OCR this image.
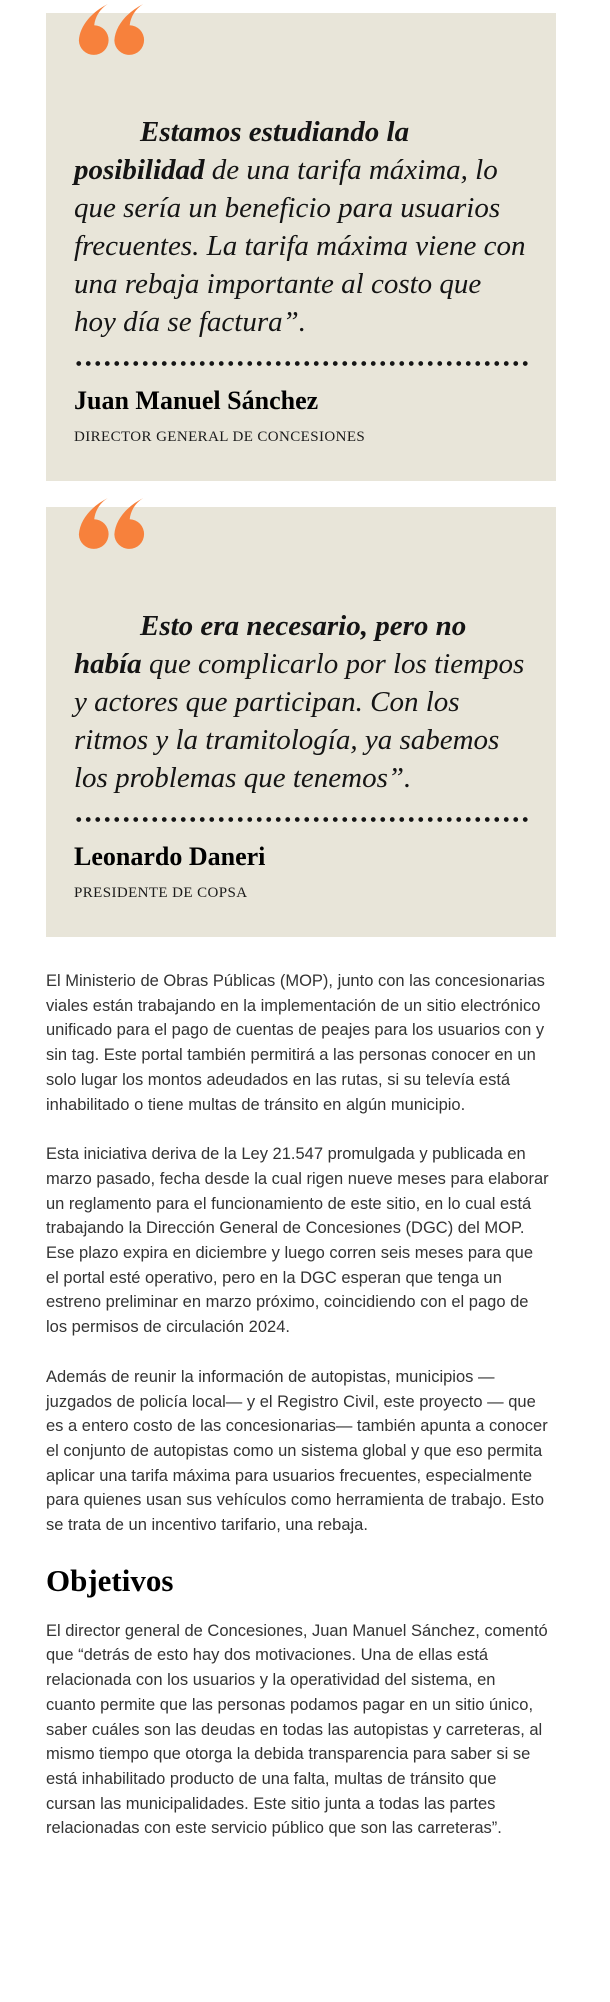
Estamos estudiando la posibilidad de una tarifa máxima, lo que sería un beneficio para usuarios frecuentes. La tarifa máxima viene con una rebaja importante al costo que hoy día se factura”.

Juan Manuel Sánchez
DIRECTOR GENERAL DE CONCESIONES

Esto era necesario, pero no había que complicarlo por los tiempos y actores que participan. Con los ritmos y la tramitología, ya sabemos los problemas que tenemos”.

Leonardo Daneri
PRESIDENTE DE COPSA

El Ministerio de Obras Públicas (MOP), junto con las concesionarias viales están trabajando en la implementación de un sitio electrónico unificado para el pago de cuentas de peajes para los usuarios con y sin tag. Este portal también permitirá a las personas conocer en un solo lugar los montos adeudados en las rutas, si su televía está inhabilitado o tiene multas de tránsito en algún municipio.

Esta iniciativa deriva de la Ley 21.547 promulgada y publicada en marzo pasado, fecha desde la cual rigen nueve meses para elaborar un reglamento para el funcionamiento de este sitio, en lo cual está trabajando la Dirección General de Concesiones (DGC) del MOP. Ese plazo expira en diciembre y luego corren seis meses para que el portal esté operativo, pero en la DGC esperan que tenga un estreno preliminar en marzo próximo, coincidiendo con el pago de los permisos de circulación 2024.

Además de reunir la información de autopistas, municipios — juzgados de policía local— y el Registro Civil, este proyecto — que es a entero costo de las concesionarias— también apunta a conocer el conjunto de autopistas como un sistema global y que eso permita aplicar una tarifa máxima para usuarios frecuentes, especialmente para quienes usan sus vehículos como herramienta de trabajo. Esto se trata de un incentivo tarifario, una rebaja.

Objetivos

El director general de Concesiones, Juan Manuel Sánchez, comentó que “detrás de esto hay dos motivaciones. Una de ellas está relacionada con los usuarios y la operatividad del sistema, en cuanto permite que las personas podamos pagar en un sitio único, saber cuáles son las deudas en todas las autopistas y carreteras, al mismo tiempo que otorga la debida transparencia para saber si se está inhabilitado producto de una falta, multas de tránsito que cursan las municipalidades. Este sitio junta a todas las partes relacionadas con este servicio público que son las carreteras”.
